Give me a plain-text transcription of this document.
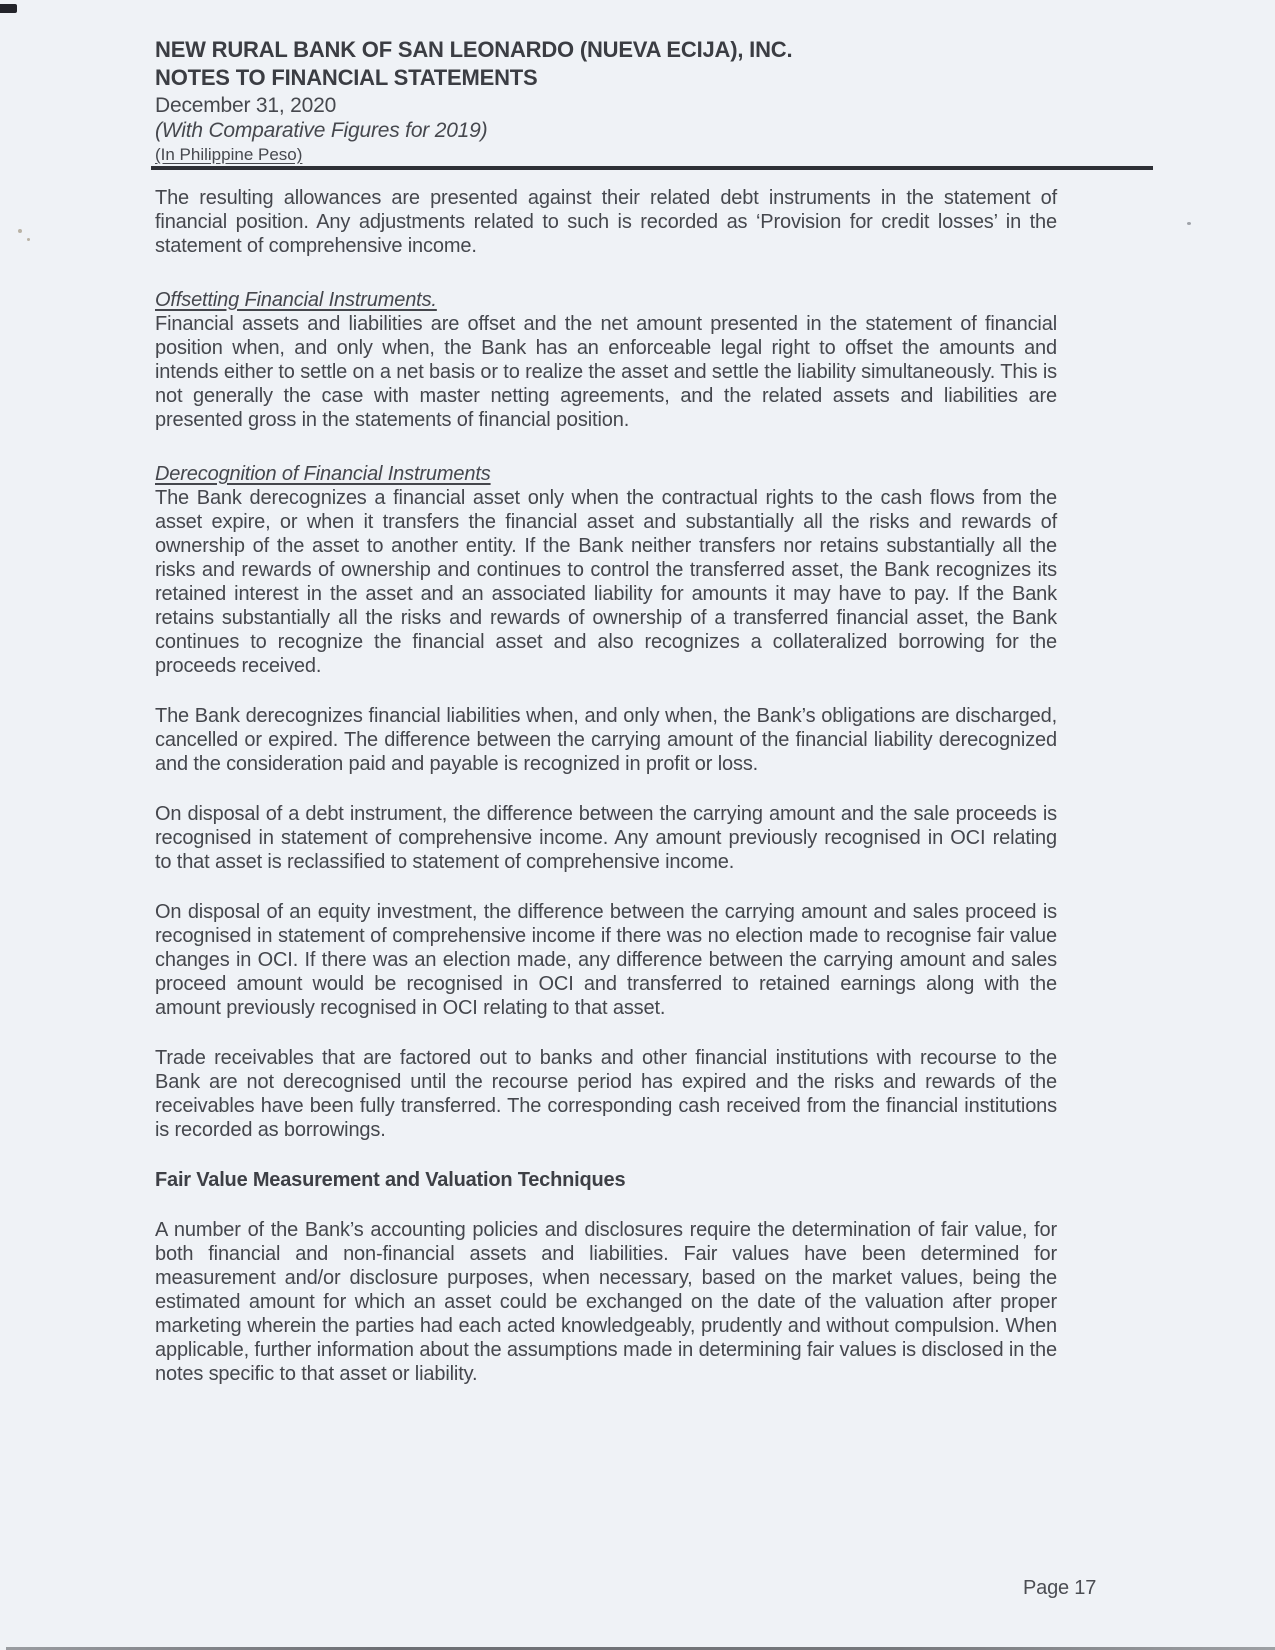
NEW RURAL BANK OF SAN LEONARDO (NUEVA ECIJA), INC.
NOTES TO FINANCIAL STATEMENTS
December 31, 2020
(With Comparative Figures for 2019)
(In Philippine Peso)
The resulting allowances are presented against their related debt instruments in the statement of financial position. Any adjustments related to such is recorded as ‘Provision for credit losses’ in the statement of comprehensive income.
Offsetting Financial Instruments.
Financial assets and liabilities are offset and the net amount presented in the statement of financial position when, and only when, the Bank has an enforceable legal right to offset the amounts and intends either to settle on a net basis or to realize the asset and settle the liability simultaneously. This is not generally the case with master netting agreements, and the related assets and liabilities are presented gross in the statements of financial position.
Derecognition of Financial Instruments
The Bank derecognizes a financial asset only when the contractual rights to the cash flows from the asset expire, or when it transfers the financial asset and substantially all the risks and rewards of ownership of the asset to another entity. If the Bank neither transfers nor retains substantially all the risks and rewards of ownership and continues to control the transferred asset, the Bank recognizes its retained interest in the asset and an associated liability for amounts it may have to pay. If the Bank retains substantially all the risks and rewards of ownership of a transferred financial asset, the Bank continues to recognize the financial asset and also recognizes a collateralized borrowing for the proceeds received.
The Bank derecognizes financial liabilities when, and only when, the Bank’s obligations are discharged, cancelled or expired. The difference between the carrying amount of the financial liability derecognized and the consideration paid and payable is recognized in profit or loss.
On disposal of a debt instrument, the difference between the carrying amount and the sale proceeds is recognised in statement of comprehensive income. Any amount previously recognised in OCI relating to that asset is reclassified to statement of comprehensive income.
On disposal of an equity investment, the difference between the carrying amount and sales proceed is recognised in statement of comprehensive income if there was no election made to recognise fair value changes in OCI. If there was an election made, any difference between the carrying amount and sales proceed amount would be recognised in OCI and transferred to retained earnings along with the amount previously recognised in OCI relating to that asset.
Trade receivables that are factored out to banks and other financial institutions with recourse to the Bank are not derecognised until the recourse period has expired and the risks and rewards of the receivables have been fully transferred. The corresponding cash received from the financial institutions is recorded as borrowings.
Fair Value Measurement and Valuation Techniques
A number of the Bank’s accounting policies and disclosures require the determination of fair value, for both financial and non-financial assets and liabilities. Fair values have been determined for measurement and/or disclosure purposes, when necessary, based on the market values, being the estimated amount for which an asset could be exchanged on the date of the valuation after proper marketing wherein the parties had each acted knowledgeably, prudently and without compulsion. When applicable, further information about the assumptions made in determining fair values is disclosed in the notes specific to that asset or liability.
Page 17
